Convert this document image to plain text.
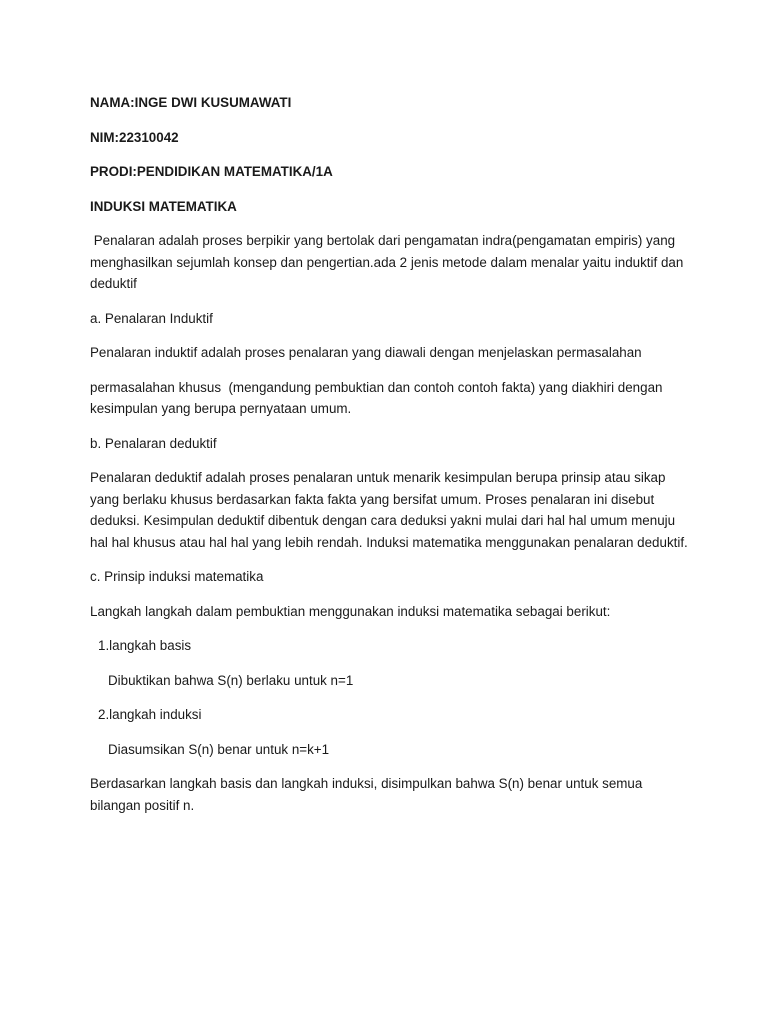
NAMA:INGE DWI KUSUMAWATI

NIM:22310042

PRODI:PENDIDIKAN MATEMATIKA/1A

INDUKSI MATEMATIKA

Penalaran adalah proses berpikir yang bertolak dari pengamatan indra(pengamatan empiris) yang menghasilkan sejumlah konsep dan pengertian.ada 2 jenis metode dalam menalar yaitu induktif dan deduktif

a. Penalaran Induktif

Penalaran induktif adalah proses penalaran yang diawali dengan menjelaskan permasalahan

permasalahan khusus  (mengandung pembuktian dan contoh contoh fakta) yang diakhiri dengan kesimpulan yang berupa pernyataan umum.

b. Penalaran deduktif

Penalaran deduktif adalah proses penalaran untuk menarik kesimpulan berupa prinsip atau sikap yang berlaku khusus berdasarkan fakta fakta yang bersifat umum. Proses penalaran ini disebut deduksi. Kesimpulan deduktif dibentuk dengan cara deduksi yakni mulai dari hal hal umum menuju hal hal khusus atau hal hal yang lebih rendah. Induksi matematika menggunakan penalaran deduktif.

c. Prinsip induksi matematika

Langkah langkah dalam pembuktian menggunakan induksi matematika sebagai berikut:

1.langkah basis

Dibuktikan bahwa S(n) berlaku untuk n=1

2.langkah induksi

Diasumsikan S(n) benar untuk n=k+1

Berdasarkan langkah basis dan langkah induksi, disimpulkan bahwa S(n) benar untuk semua bilangan positif n.
